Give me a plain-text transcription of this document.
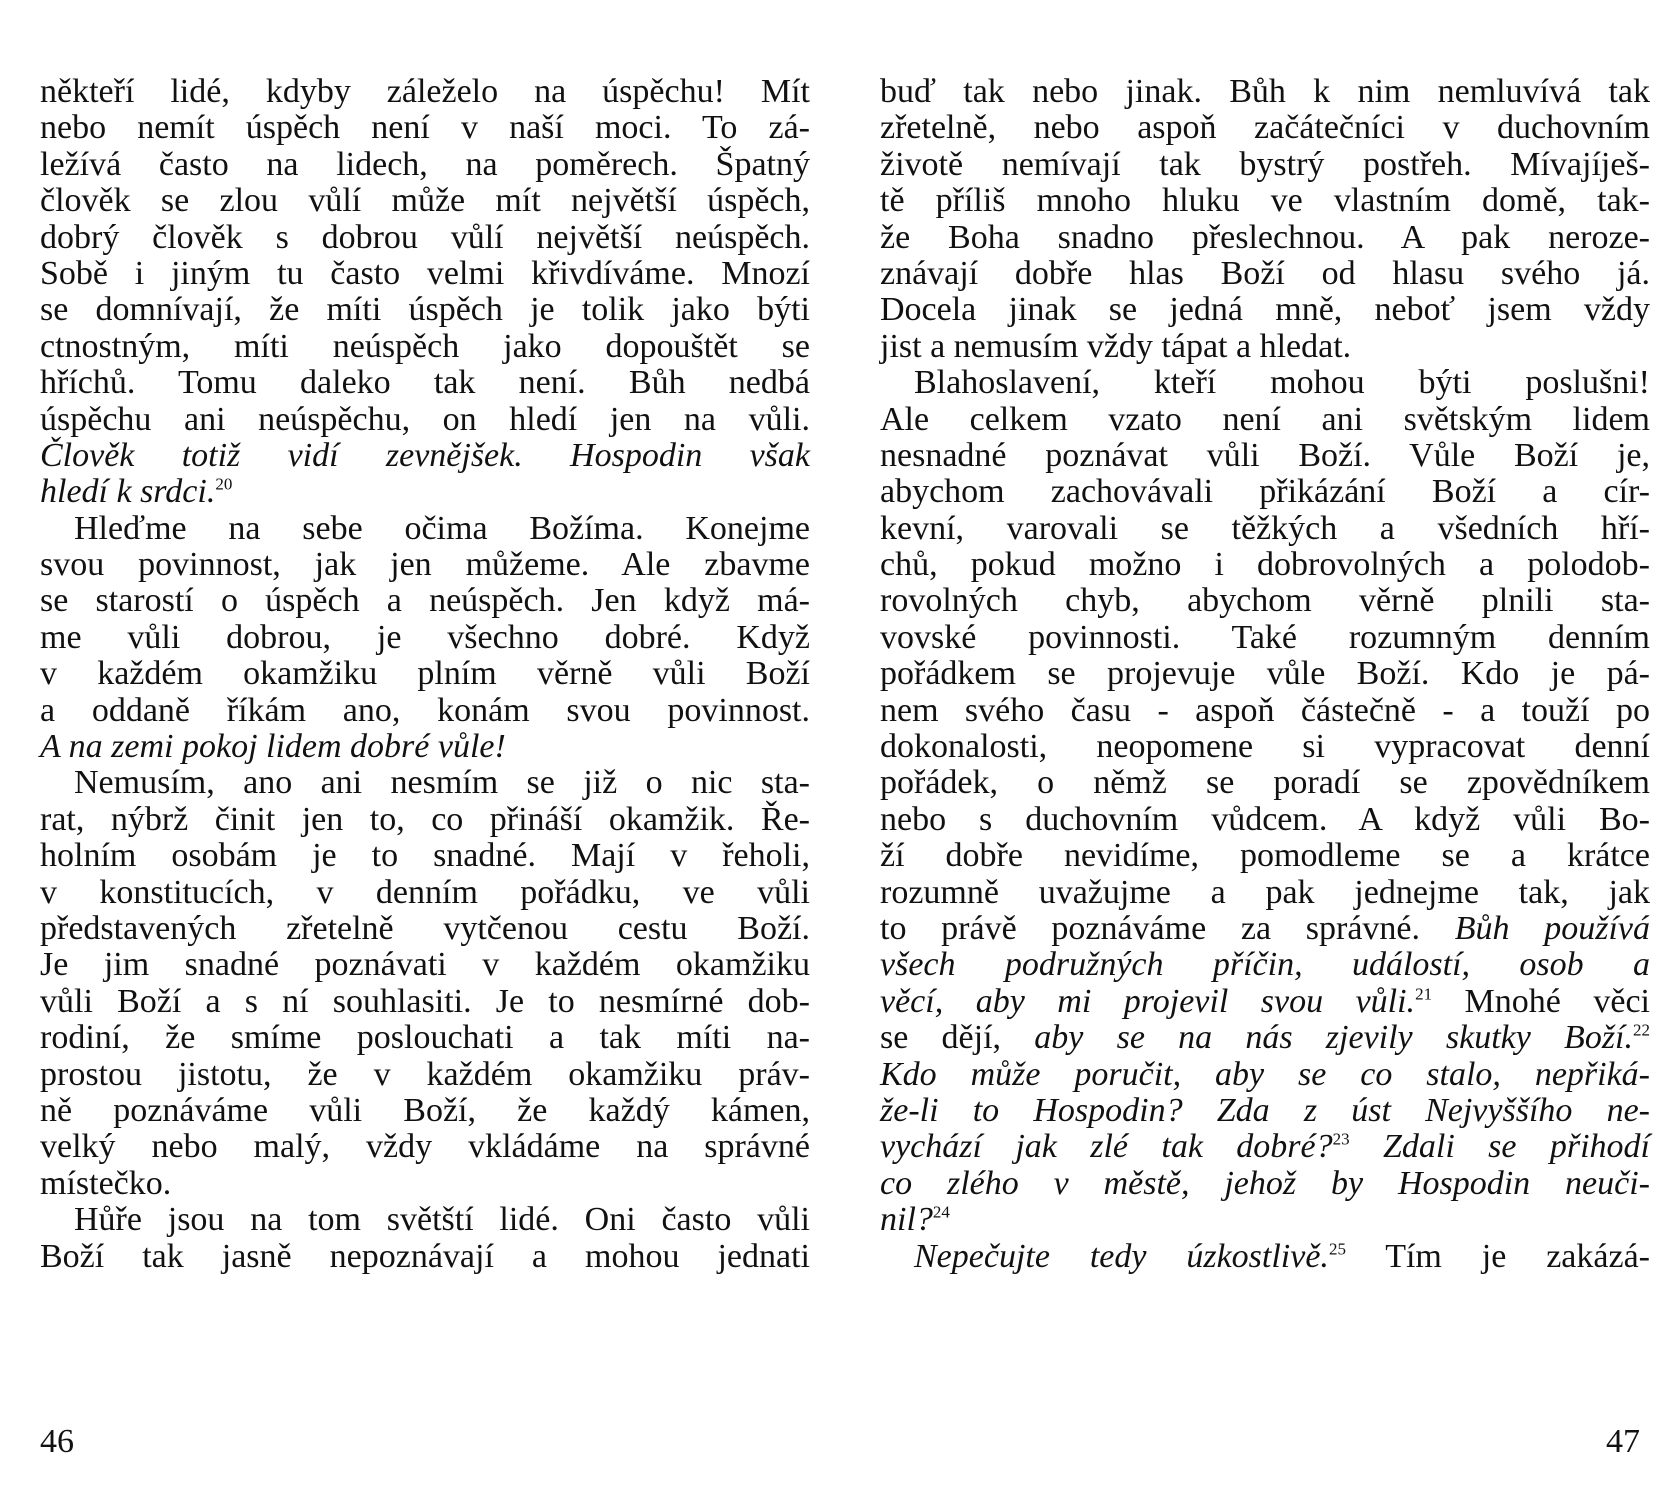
někteří lidé, kdyby záleželo na úspěchu! Mít
nebo nemít úspěch není v naší moci. To zá-
ležívá často na lidech, na poměrech. Špatný
člověk se zlou vůlí může mít největší úspěch,
dobrý člověk s dobrou vůlí největší neúspěch.
Sobě i jiným tu často velmi křivdíváme. Mnozí
se domnívají, že míti úspěch je tolik jako býti
ctnostným, míti neúspěch jako dopouštět se
hříchů. Tomu daleko tak není. Bůh nedbá
úspěchu ani neúspěchu, on hledí jen na vůli.
Člověk totiž vidí zevnějšek. Hospodin však
hledí k srdci.$^{20}$
Hleďme na sebe očima Božíma. Konejme
svou povinnost, jak jen můžeme. Ale zbavme
se starostí o úspěch a neúspěch. Jen když má-
me vůli dobrou, je všechno dobré. Když
v každém okamžiku plním věrně vůli Boží
a oddaně říkám ano, konám svou povinnost.
A na zemi pokoj lidem dobré vůle!
Nemusím, ano ani nesmím se již o nic sta-
rat, nýbrž činit jen to, co přináší okamžik. Ře-
holním osobám je to snadné. Mají v řeholi,
v konstitucích, v denním pořádku, ve vůli
představených zřetelně vytčenou cestu Boží.
Je jim snadné poznávati v každém okamžiku
vůli Boží a s ní souhlasiti. Je to nesmírné dob-
rodiní, že smíme poslouchati a tak míti na-
prostou jistotu, že v každém okamžiku práv-
ně poznáváme vůli Boží, že každý kámen,
velký nebo malý, vždy vkládáme na správné
místečko.
Hůře jsou na tom světští lidé. Oni často vůli
Boží tak jasně nepoznávají a mohou jednati
46
buď tak nebo jinak. Bůh k nim nemluvívá tak
zřetelně, nebo aspoň začátečníci v duchovním
životě nemívají tak bystrý postřeh. Mívajíješ-
tě příliš mnoho hluku ve vlastním domě, tak-
že Boha snadno přeslechnou. A pak neroze-
znávají dobře hlas Boží od hlasu svého já.
Docela jinak se jedná mně, neboť jsem vždy
jist a nemusím vždy tápat a hledat.
Blahoslavení, kteří mohou býti poslušni!
Ale celkem vzato není ani světským lidem
nesnadné poznávat vůli Boží. Vůle Boží je,
abychom zachovávali přikázání Boží a cír-
kevní, varovali se těžkých a všedních hří-
chů, pokud možno i dobrovolných a polodob-
rovolných chyb, abychom věrně plnili sta-
vovské povinnosti. Také rozumným denním
pořádkem se projevuje vůle Boží. Kdo je pá-
nem svého času - aspoň částečně - a touží po
dokonalosti, neopomene si vypracovat denní
pořádek, o němž se poradí se zpovědníkem
nebo s duchovním vůdcem. A když vůli Bo-
ží dobře nevidíme, pomodleme se a krátce
rozumně uvažujme a pak jednejme tak, jak
to právě poznáváme za správné. Bůh používá
všech podružných příčin, událostí, osob a
věcí, aby mi projevil svou vůli.$^{21}$ Mnohé věci
se dějí, aby se na nás zjevily skutky Boží.$^{22}$
Kdo může poručit, aby se co stalo, nepřiká-
že-li to Hospodin? Zda z úst Nejvyššího ne-
vychází jak zlé tak dobré?$^{23}$ Zdali se přihodí
co zlého v městě, jehož by Hospodin neuči-
nil?$^{24}$
Nepečujte tedy úzkostlivě.$^{25}$ Tím je zakázá-
47
